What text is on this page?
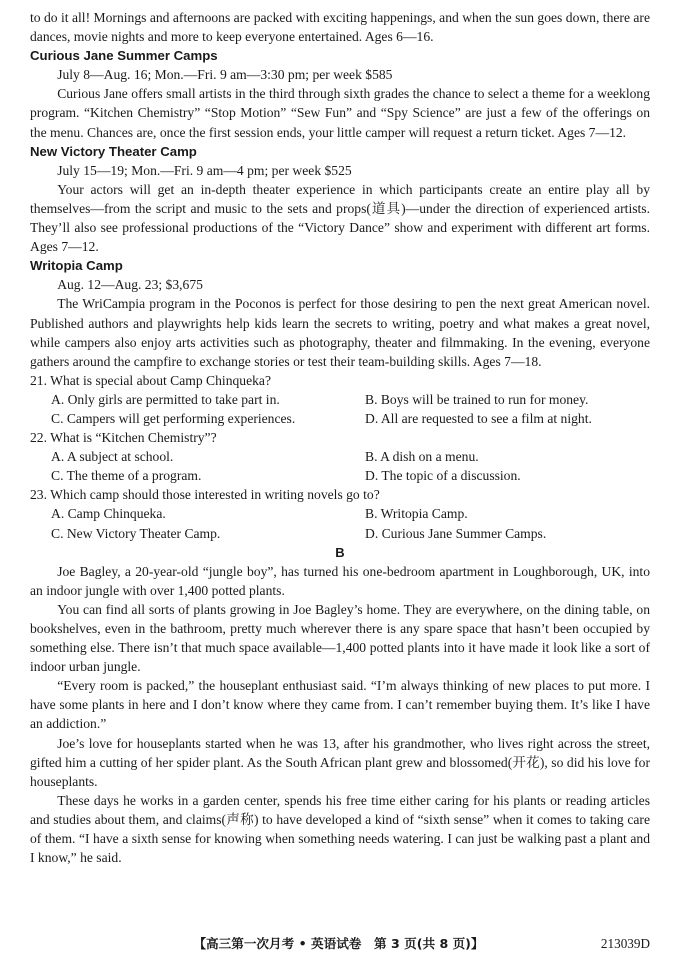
to do it all! Mornings and afternoons are packed with exciting happenings, and when the sun goes down, there are dances, movie nights and more to keep everyone entertained. Ages 6—16.

Curious Jane Summer Camps

July 8—Aug. 16; Mon.—Fri. 9 am—3:30 pm; per week $585

Curious Jane offers small artists in the third through sixth grades the chance to select a theme for a weeklong program. “Kitchen Chemistry” “Stop Motion” “Sew Fun” and “Spy Science” are just a few of the offerings on the menu. Chances are, once the first session ends, your little camper will request a return ticket. Ages 7—12.

New Victory Theater Camp

July 15—19; Mon.—Fri. 9 am—4 pm; per week $525

Your actors will get an in-depth theater experience in which participants create an entire play all by themselves—from the script and music to the sets and props(道具)—under the direction of experienced artists. They’ll also see professional productions of the “Victory Dance” show and experiment with different art forms. Ages 7—12.

Writopia Camp

Aug. 12—Aug. 23; $3,675

The WriCampia program in the Poconos is perfect for those desiring to pen the next great American novel. Published authors and playwrights help kids learn the secrets to writing, poetry and what makes a great novel, while campers also enjoy arts activities such as photography, theater and filmmaking. In the evening, everyone gathers around the campfire to exchange stories or test their team-building skills. Ages 7—18.

21. What is special about Camp Chinqueka?

A. Only girls are permitted to take part in.	B. Boys will be trained to run for money.
C. Campers will get performing experiences.	D. All are requested to see a film at night.

22. What is “Kitchen Chemistry”?

A. A subject at school.	B. A dish on a menu.
C. The theme of a program.	D. The topic of a discussion.

23. Which camp should those interested in writing novels go to?

A. Camp Chinqueka.	B. Writopia Camp.
C. New Victory Theater Camp.	D. Curious Jane Summer Camps.

B

Joe Bagley, a 20-year-old “jungle boy”, has turned his one-bedroom apartment in Loughborough, UK, into an indoor jungle with over 1,400 potted plants.

You can find all sorts of plants growing in Joe Bagley’s home. They are everywhere, on the dining table, on bookshelves, even in the bathroom, pretty much wherever there is any spare space that hasn’t been occupied by something else. There isn’t that much space available—1,400 potted plants into it have made it look like a sort of indoor urban jungle.

“Every room is packed,” the houseplant enthusiast said. “I’m always thinking of new places to put more. I have some plants in here and I don’t know where they came from. I can’t remember buying them. It’s like I have an addiction.”

Joe’s love for houseplants started when he was 13, after his grandmother, who lives right across the street, gifted him a cutting of her spider plant. As the South African plant grew and blossomed(开花), so did his love for houseplants.

These days he works in a garden center, spends his free time either caring for his plants or reading articles and studies about them, and claims(声称) to have developed a kind of “sixth sense” when it comes to taking care of them. “I have a sixth sense for knowing when something needs watering. I can just be walking past a plant and I know,” he said.

【高三第一次月考 • 英语试卷　第 3 页(共 8 页)】	213039D
